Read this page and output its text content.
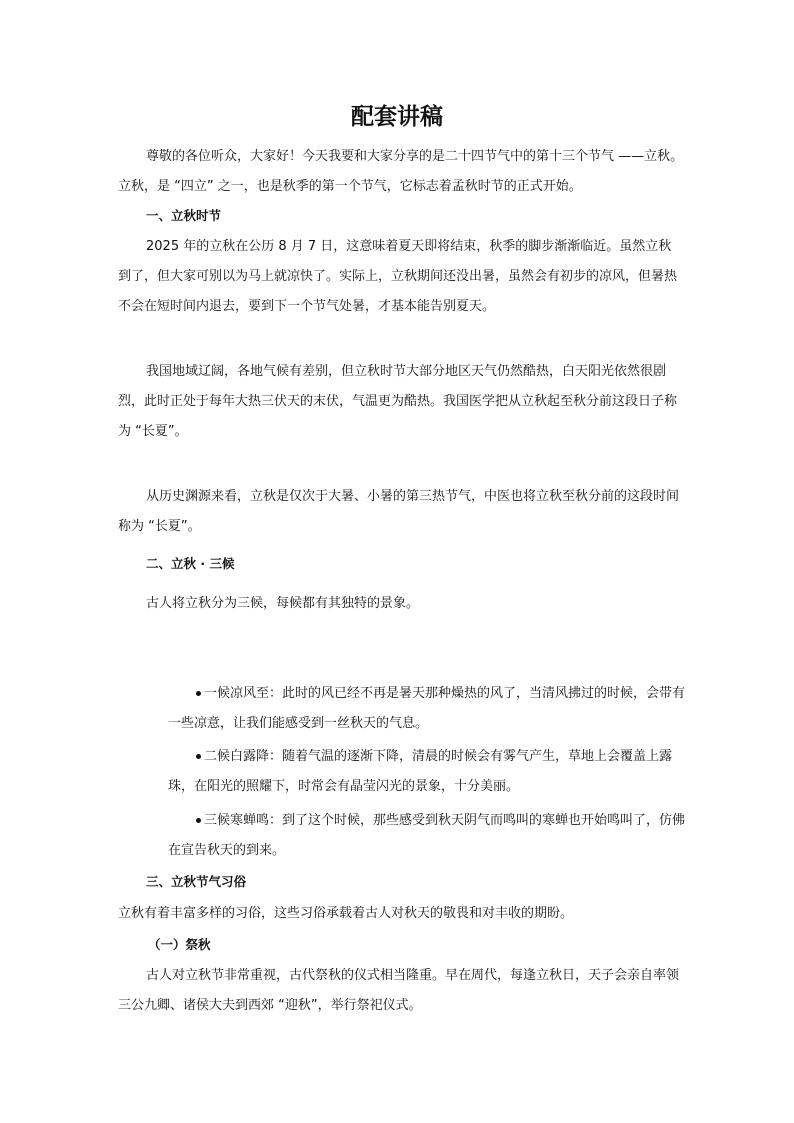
配套讲稿

尊敬的各位听众，大家好！今天我要和大家分享的是二十四节气中的第十三个节气 ——立秋。立秋，是 “四立” 之一，也是秋季的第一个节气，它标志着孟秋时节的正式开始。

一、立秋时节

2025 年的立秋在公历 8 月 7 日，这意味着夏天即将结束，秋季的脚步渐渐临近。虽然立秋到了，但大家可别以为马上就凉快了。实际上，立秋期间还没出暑，虽然会有初步的凉风，但暑热不会在短时间内退去，要到下一个节气处暑，才基本能告别夏天。

我国地域辽阔，各地气候有差别，但立秋时节大部分地区天气仍然酷热，白天阳光依然很剧烈，此时正处于每年大热三伏天的末伏，气温更为酷热。我国医学把从立秋起至秋分前这段日子称为 “长夏”。

从历史渊源来看，立秋是仅次于大暑、小暑的第三热节气，中医也将立秋至秋分前的这段时间称为 “长夏”。

二、立秋 · 三候

古人将立秋分为三候，每候都有其独特的景象。

一候凉风至：此时的风已经不再是暑天那种燥热的风了，当清风拂过的时候，会带有一些凉意，让我们能感受到一丝秋天的气息。

二候白露降：随着气温的逐渐下降，清晨的时候会有雾气产生，草地上会覆盖上露珠，在阳光的照耀下，时常会有晶莹闪光的景象，十分美丽。

三候寒蝉鸣：到了这个时候，那些感受到秋天阴气而鸣叫的寒蝉也开始鸣叫了，仿佛在宣告秋天的到来。

三、立秋节气习俗

立秋有着丰富多样的习俗，这些习俗承载着古人对秋天的敬畏和对丰收的期盼。

（一）祭秋

古人对立秋节非常重视，古代祭秋的仪式相当隆重。早在周代，每逢立秋日，天子会亲自率领三公九卿、诸侯大夫到西郊 “迎秋”，举行祭祀仪式。
